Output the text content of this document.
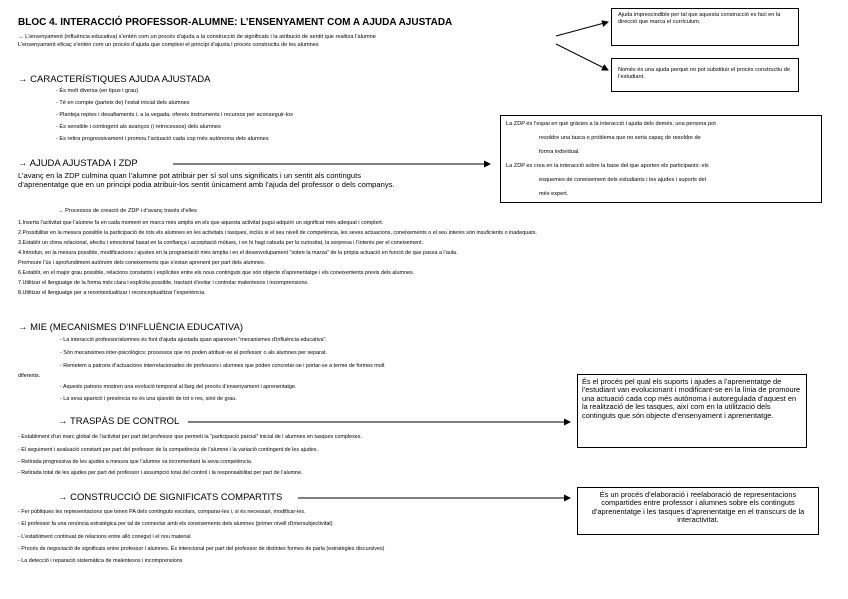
BLOC 4. INTERACCIÓ PROFESSOR-ALUMNE: L’ENSENYAMENT COM A AJUDA AJUSTADA
→ L’ensenyament (influència educativa) s’entén com un procés d’ajuda a la construcció de significats i la atribució de sentit que realitza l’alumne
L’ensenyament eficaç s’entén com un procés d’ajuda que complexi el principi d’ajusta l procés constructiu de les alumnes
Ajuda imprescindible per tal que aquesta construcció es faci en la direcció que marca el currículum.
Només és una ajuda perquè no pot substituir el procés constructiu de l’estudiant.
→ CARACTERÍSTIQUES AJUDA AJUSTADA
- És molt diversa (en tipus i grau)
- Té en compte (parteix de) l’estat inicial dels alumnes
- Planteja reptes i desafiaments i, a la vegada, ofereix instruments i recursos per aconseguir-los
- És sensible i contingent als avanços (i retrocessos) dels alumnes
- Es retira progressivament i promou l’actuació cada cop més autònoma dels alumnes
La ZDP és l’espai en què gràcies a la interacció i ajuda dels demés, una persona pot
resoldre una tasca o problema que no seria capaç de resoldre de
forma individual.
La ZDP es crea en la interacció sobre la base del que aporten els participants: els
esquemes de coneixement dels estudiants i les ajudes i suports del
més expert.
→ AJUDA AJUSTADA I ZDP
L’avanç en la ZDP culmina quan l’alumne pot atribuir per sí sol uns significats i un sentit als continguts
d’aprenentatge que en un principi podia atribuir-los sentit únicament amb l’ajuda del professor o dels companys.
→ Processos de creació de ZDP i d’avanç través d’elles
1.Inserta l’activitat que l’alumne fa en cada moment en marcs més amplis en els que aquesta activitat pugui adquirir un significat més adequat i complert.
2.Possibilitar en la mesura possible la participació de tots els alumnes en les activitats i tasques, inclús si el seu nivell de competència, les seves actuacions, coneixements o el seu interès són insuficients o inadequats.
3.Establir un clima relacional, afectiu i emocional basat en la confiança i acceptació mútues, i on hi hagi cabuda per la curiositat, la sorpresa i l’interès per el coneixement.
4.Introduir, en la mesura possible, modificacions i ajustes en la programació més àmplia i en el desenvolupament "sobre la marxa" de la pròpia actuació en funció de que passa a l’aula.
Promoure l’ús i aprofundiment autònom dels coneixements que s’estan aprenent per part dels alumnes.
6.Establir, en el major grau possible, relacions constants i explícites entre els nous continguts que són objecte d’aprenentatge i els coneixements previs dels alumnes.
7.Utilitzar el llenguatge de la forma més clara i explícita possible, tractant d’evitar i controlar malentesos i incomprensions.
8.Utilitzar el llenguatge per a recontextualitzar i reconceptualitzar l’experiència.
→ MIE (MECANISMES D’INFLUÈNCIA EDUCATIVA)
- La interacció professor/alumnes és font d’ajuda ajustada quan apareixen "mecanismes d’influència educativa".
- Són mecanismes inter-psicològics: processos que no poden atribuir-se al professor o als alumnes per separat.
- Remetem a patrons d’actuacions interrelacionades de professors i alumnes que poden concretar-se i portar-se a terme de formes molt
diferents.
- Aquests patrons mostren una evolució temporal al llarg del procés d’ensenyament i aprenentatge.
- La seva aparició i presència no és una qüestió de tot o res, sinó de grau.
És el procés pel qual els suports i ajudes a l’aprenentatge de l’estudiant van evolucionant i modificant-se en la línia de promoure una actuació cada cop més autònoma i autoregulada d’aquest en la realització de les tasques, així com en la utilització dels continguts que són objecte d’ensenyament i aprenentatge.
→ TRASPÀS DE CONTROL
- Establiment d’un marc global de l’activitat per part del professor que permeti la “participació parcial” inicial de l alumnes en tasques complexes.
- El seguiment i avaluació constant per part del professor de la competència de l’alumne i la variació contingent de les ajudes.
- Retirada progressiva de les ajudes a mesura que l’alumne va incrementant la seva competència.
- Retirada total de les ajudes per part del professor i assumpció total del control i la responsabilitat per part de l’alumne.
És un procés d’elaboració i reelaboració de representacions compartides entre professor i alumnes sobre els continguts d’aprenentatge i les tasques d’aprenentatge en el transcurs de la interactivitat.
→ CONSTRUCCIÓ DE SIGNIFICATS COMPARTITS
- Fer públiques les representacions que tenen PA dels continguts escolars, comparar-les i, si és necessari, modificar-les.
- El professor fa una renúncia estratègica per tal de connectar amb els coneixements dels alumnes (primer nivell d’intersubjectivitat)
- L’establiment continuat de relacions entre allò conegut i el nou material
- Procés de negociació de significats entre professor i alumnes. És intencional per part del professor de distintes formes de parla (estratègies discursives)
- La detecció i reparació sistemàtica de malentesos i incomprensions
